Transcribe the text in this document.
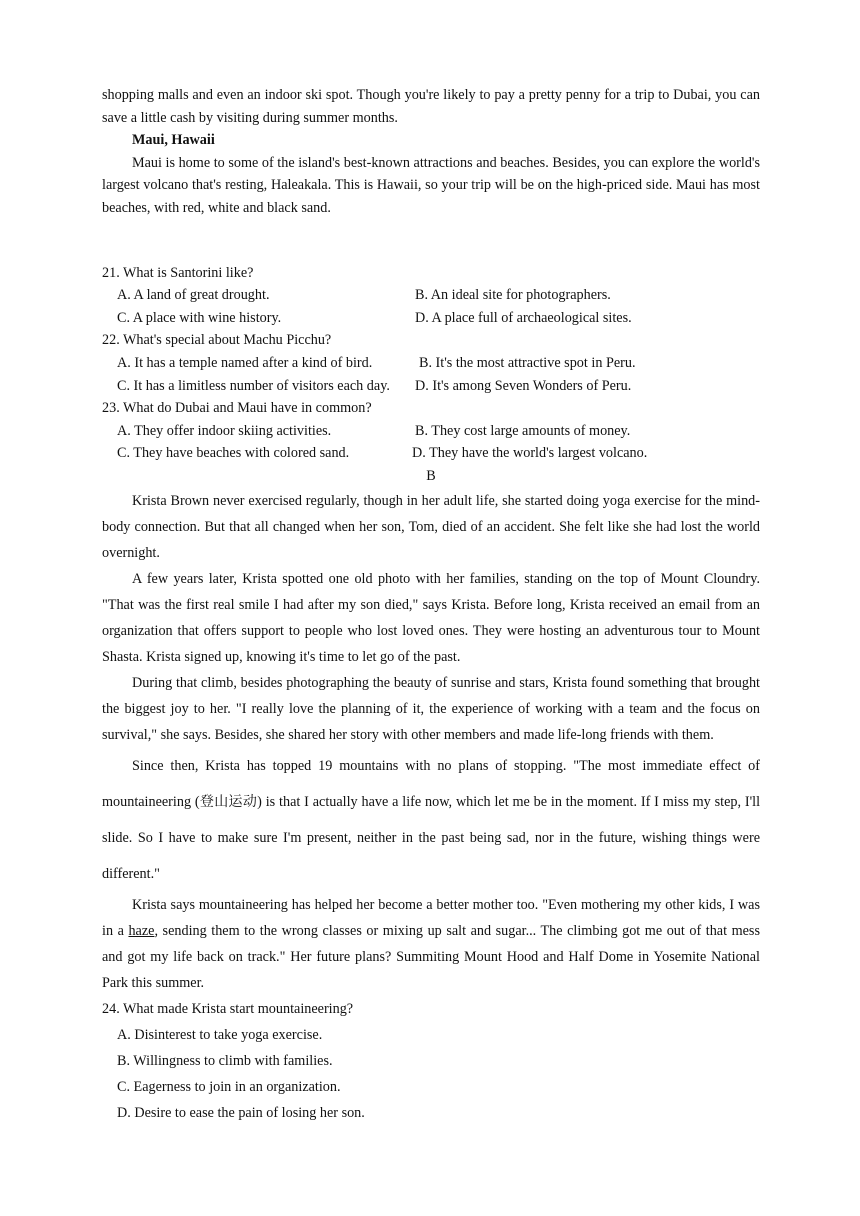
shopping malls and even an indoor ski spot. Though you're likely to pay a pretty penny for a trip to Dubai, you can save a little cash by visiting during summer months.

Maui, Hawaii

Maui is home to some of the island's best-known attractions and beaches. Besides, you can explore the world's largest volcano that's resting, Haleakala. This is Hawaii, so your trip will be on the high-priced side. Maui has most beaches, with red, white and black sand.

21. What is Santorini like?

A. A land of great drought.	B. An ideal site for photographers.
C. A place with wine history.	D. A place full of archaeological sites.

22. What's special about Machu Picchu?

A. It has a temple named after a kind of bird.	B. It's the most attractive spot in Peru.
C. It has a limitless number of visitors each day.	D. It's among Seven Wonders of Peru.

23. What do Dubai and Maui have in common?

A. They offer indoor skiing activities.	B. They cost large amounts of money.
C. They have beaches with colored sand.	D. They have the world's largest volcano.

B

Krista Brown never exercised regularly, though in her adult life, she started doing yoga exercise for the mind-body connection. But that all changed when her son, Tom, died of an accident. She felt like she had lost the world overnight.

A few years later, Krista spotted one old photo with her families, standing on the top of Mount Cloundry. "That was the first real smile I had after my son died," says Krista. Before long, Krista received an email from an organization that offers support to people who lost loved ones. They were hosting an adventurous tour to Mount Shasta. Krista signed up, knowing it's time to let go of the past.

During that climb, besides photographing the beauty of sunrise and stars, Krista found something that brought the biggest joy to her. "I really love the planning of it, the experience of working with a team and the focus on survival," she says. Besides, she shared her story with other members and made life-long friends with them.

Since then, Krista has topped 19 mountains with no plans of stopping. "The most immediate effect of mountaineering (登山运动) is that I actually have a life now, which let me be in the moment. If I miss my step, I'll slide. So I have to make sure I'm present, neither in the past being sad, nor in the future, wishing things were different."

Krista says mountaineering has helped her become a better mother too. "Even mothering my other kids, I was in a haze, sending them to the wrong classes or mixing up salt and sugar... The climbing got me out of that mess and got my life back on track." Her future plans? Summiting Mount Hood and Half Dome in Yosemite National Park this summer.

24. What made Krista start mountaineering?

A. Disinterest to take yoga exercise.

B. Willingness to climb with families.

C. Eagerness to join in an organization.

D. Desire to ease the pain of losing her son.
